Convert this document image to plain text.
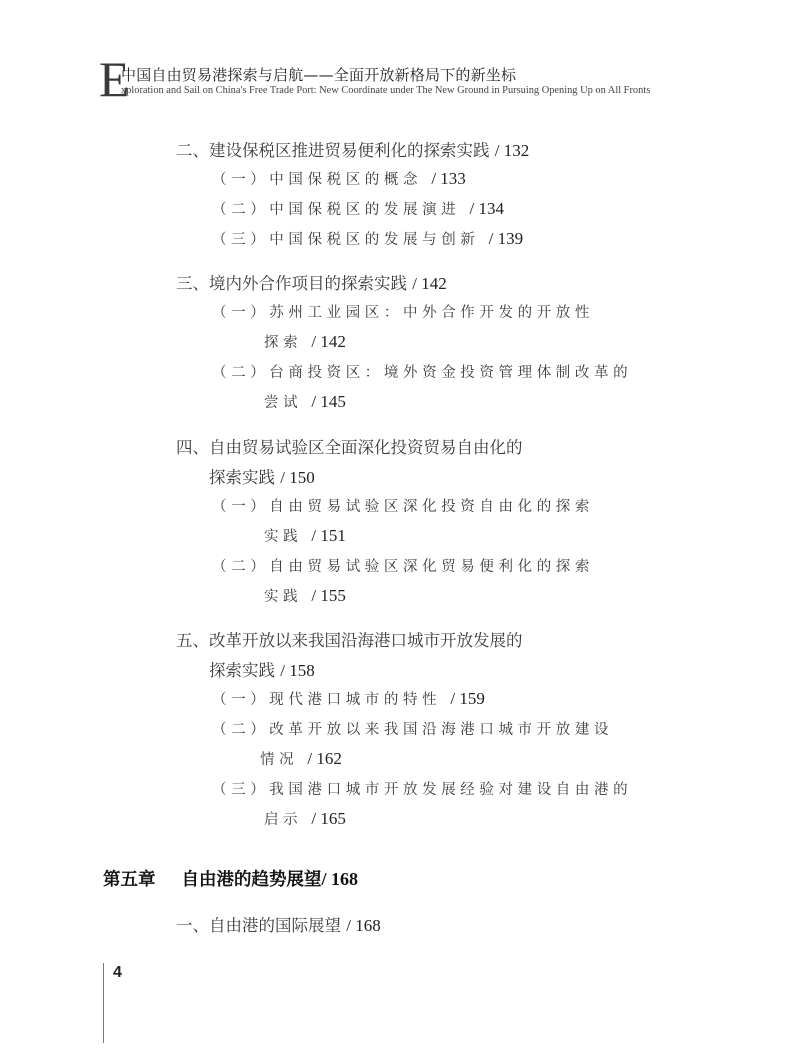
E
中国自由贸易港探索与启航——全面开放新格局下的新坐标
xploration and Sail on China's Free Trade Port: New Coordinate under The New Ground in Pursuing Opening Up on All Fronts
二、建设保税区推进贸易便利化的探索实践 / 132
（一）中国保税区的概念 / 133
（二）中国保税区的发展演进 / 134
（三）中国保税区的发展与创新 / 139
三、境内外合作项目的探索实践 / 142
（一）苏州工业园区：中外合作开发的开放性
探索 / 142
（二）台商投资区：境外资金投资管理体制改革的
尝试 / 145
四、自由贸易试验区全面深化投资贸易自由化的
探索实践 / 150
（一）自由贸易试验区深化投资自由化的探索
实践 / 151
（二）自由贸易试验区深化贸易便利化的探索
实践 / 155
五、改革开放以来我国沿海港口城市开放发展的
探索实践 / 158
（一）现代港口城市的特性 / 159
（二）改革开放以来我国沿海港口城市开放建设
情况 / 162
（三）我国港口城市开放发展经验对建设自由港的
启示 / 165
第五章 自由港的趋势展望/ 168
一、自由港的国际展望 / 168
4
